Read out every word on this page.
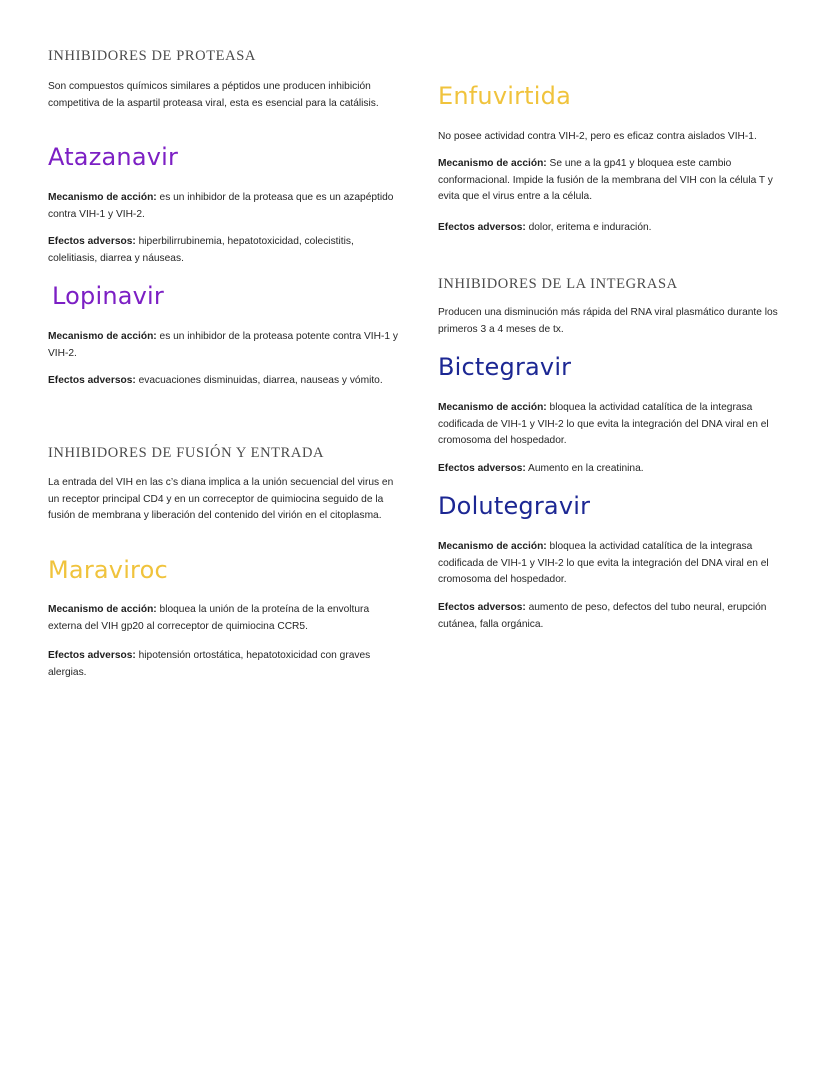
INHIBIDORES DE PROTEASA

Son compuestos químicos similares a péptidos une producen inhibición competitiva de la aspartil proteasa viral, esta es esencial para la catálisis.

Atazanavir

Mecanismo de acción: es un inhibidor de la proteasa que es un azapéptido contra VIH-1 y VIH-2.

Efectos adversos: hiperbilirrubinemia, hepatotoxicidad, colecistitis, colelitiasis, diarrea y náuseas.

Lopinavir

Mecanismo de acción: es un inhibidor de la proteasa potente contra VIH-1 y VIH-2.

Efectos adversos: evacuaciones disminuidas, diarrea, nauseas y vómito.

INHIBIDORES DE FUSIÓN Y ENTRADA

La entrada del VIH en las c’s diana implica a la unión secuencial del virus en un receptor principal CD4 y en un correceptor de quimiocina seguido de la fusión de membrana y liberación del contenido del virión en el citoplasma.

Maraviroc

Mecanismo de acción: bloquea la unión de la proteína de la envoltura externa del VIH gp20 al correceptor de quimiocina CCR5.

Efectos adversos: hipotensión ortostática, hepatotoxicidad con graves alergias.

Enfuvirtida

No posee actividad contra VIH-2, pero es eficaz contra aislados VIH-1.

Mecanismo de acción: Se une a la gp41 y bloquea este cambio conformacional. Impide la fusión de la membrana del VIH con la célula T y evita que el virus entre a la célula.

Efectos adversos: dolor, eritema e induración.

INHIBIDORES DE LA INTEGRASA

Producen una disminución más rápida del RNA viral plasmático durante los primeros 3 a 4 meses de tx.

Bictegravir

Mecanismo de acción: bloquea la actividad catalítica de la integrasa codificada de VIH-1 y VIH-2 lo que evita la integración del DNA viral en el cromosoma del hospedador.

Efectos adversos: Aumento en la creatinina.

Dolutegravir

Mecanismo de acción: bloquea la actividad catalítica de la integrasa codificada de VIH-1 y VIH-2 lo que evita la integración del DNA viral en el cromosoma del hospedador.

Efectos adversos: aumento de peso, defectos del tubo neural, erupción cutánea, falla orgánica.
